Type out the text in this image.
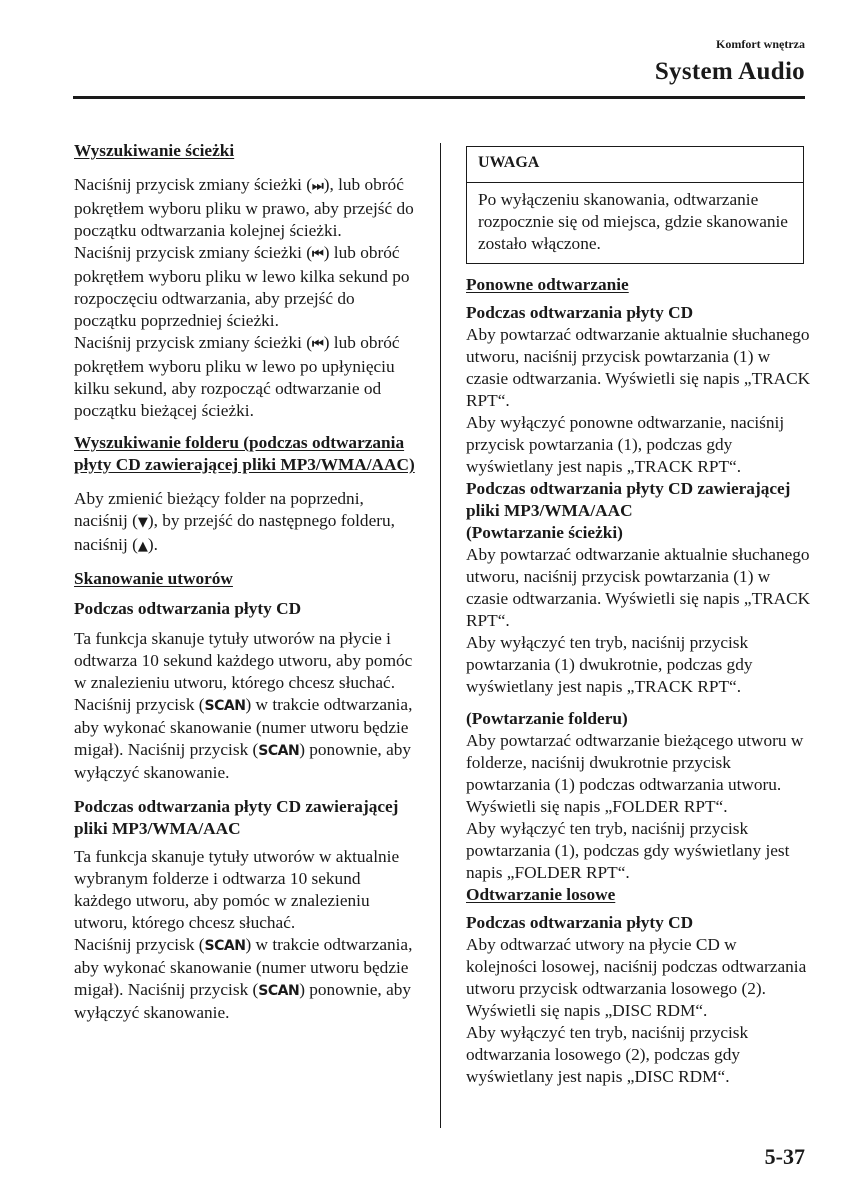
Komfort wnętrza
System Audio

Wyszukiwanie ścieżki

Naciśnij przycisk zmiany ścieżki (⏭), lub obróć pokrętłem wyboru pliku w prawo, aby przejść do początku odtwarzania kolejnej ścieżki.

Naciśnij przycisk zmiany ścieżki (⏮) lub obróć pokrętłem wyboru pliku w lewo kilka sekund po rozpoczęciu odtwarzania, aby przejść do początku poprzedniej ścieżki.

Naciśnij przycisk zmiany ścieżki (⏮) lub obróć pokrętłem wyboru pliku w lewo po upłynięciu kilku sekund, aby rozpocząć odtwarzanie od początku bieżącej ścieżki.

Wyszukiwanie folderu (podczas odtwarzania płyty CD zawierającej pliki MP3/WMA/AAC)

Aby zmienić bieżący folder na poprzedni, naciśnij (▼), by przejść do następnego folderu, naciśnij (▲).

Skanowanie utworów

Podczas odtwarzania płyty CD

Ta funkcja skanuje tytuły utworów na płycie i odtwarza 10 sekund każdego utworu, aby pomóc w znalezieniu utworu, którego chcesz słuchać.

Naciśnij przycisk (SCAN) w trakcie odtwarzania, aby wykonać skanowanie (numer utworu będzie migał). Naciśnij przycisk (SCAN) ponownie, aby wyłączyć skanowanie.

Podczas odtwarzania płyty CD zawierającej pliki MP3/WMA/AAC

Ta funkcja skanuje tytuły utworów w aktualnie wybranym folderze i odtwarza 10 sekund każdego utworu, aby pomóc w znalezieniu utworu, którego chcesz słuchać.

Naciśnij przycisk (SCAN) w trakcie odtwarzania, aby wykonać skanowanie (numer utworu będzie migał). Naciśnij przycisk (SCAN) ponownie, aby wyłączyć skanowanie.

UWAGA
Po wyłączeniu skanowania, odtwarzanie rozpocznie się od miejsca, gdzie skanowanie zostało włączone.

Ponowne odtwarzanie

Podczas odtwarzania płyty CD

Aby powtarzać odtwarzanie aktualnie słuchanego utworu, naciśnij przycisk powtarzania (1) w czasie odtwarzania. Wyświetli się napis „TRACK RPT“.

Aby wyłączyć ponowne odtwarzanie, naciśnij przycisk powtarzania (1), podczas gdy wyświetlany jest napis „TRACK RPT“.

Podczas odtwarzania płyty CD zawierającej pliki MP3/WMA/AAC

(Powtarzanie ścieżki)

Aby powtarzać odtwarzanie aktualnie słuchanego utworu, naciśnij przycisk powtarzania (1) w czasie odtwarzania. Wyświetli się napis „TRACK RPT“.

Aby wyłączyć ten tryb, naciśnij przycisk powtarzania (1) dwukrotnie, podczas gdy wyświetlany jest napis „TRACK RPT“.

(Powtarzanie folderu)

Aby powtarzać odtwarzanie bieżącego utworu w folderze, naciśnij dwukrotnie przycisk powtarzania (1) podczas odtwarzania utworu. Wyświetli się napis „FOLDER RPT“.

Aby wyłączyć ten tryb, naciśnij przycisk powtarzania (1), podczas gdy wyświetlany jest napis „FOLDER RPT“.

Odtwarzanie losowe

Podczas odtwarzania płyty CD

Aby odtwarzać utwory na płycie CD w kolejności losowej, naciśnij podczas odtwarzania utworu przycisk odtwarzania losowego (2). Wyświetli się napis „DISC RDM“.

Aby wyłączyć ten tryb, naciśnij przycisk odtwarzania losowego (2), podczas gdy wyświetlany jest napis „DISC RDM“.

5-37
